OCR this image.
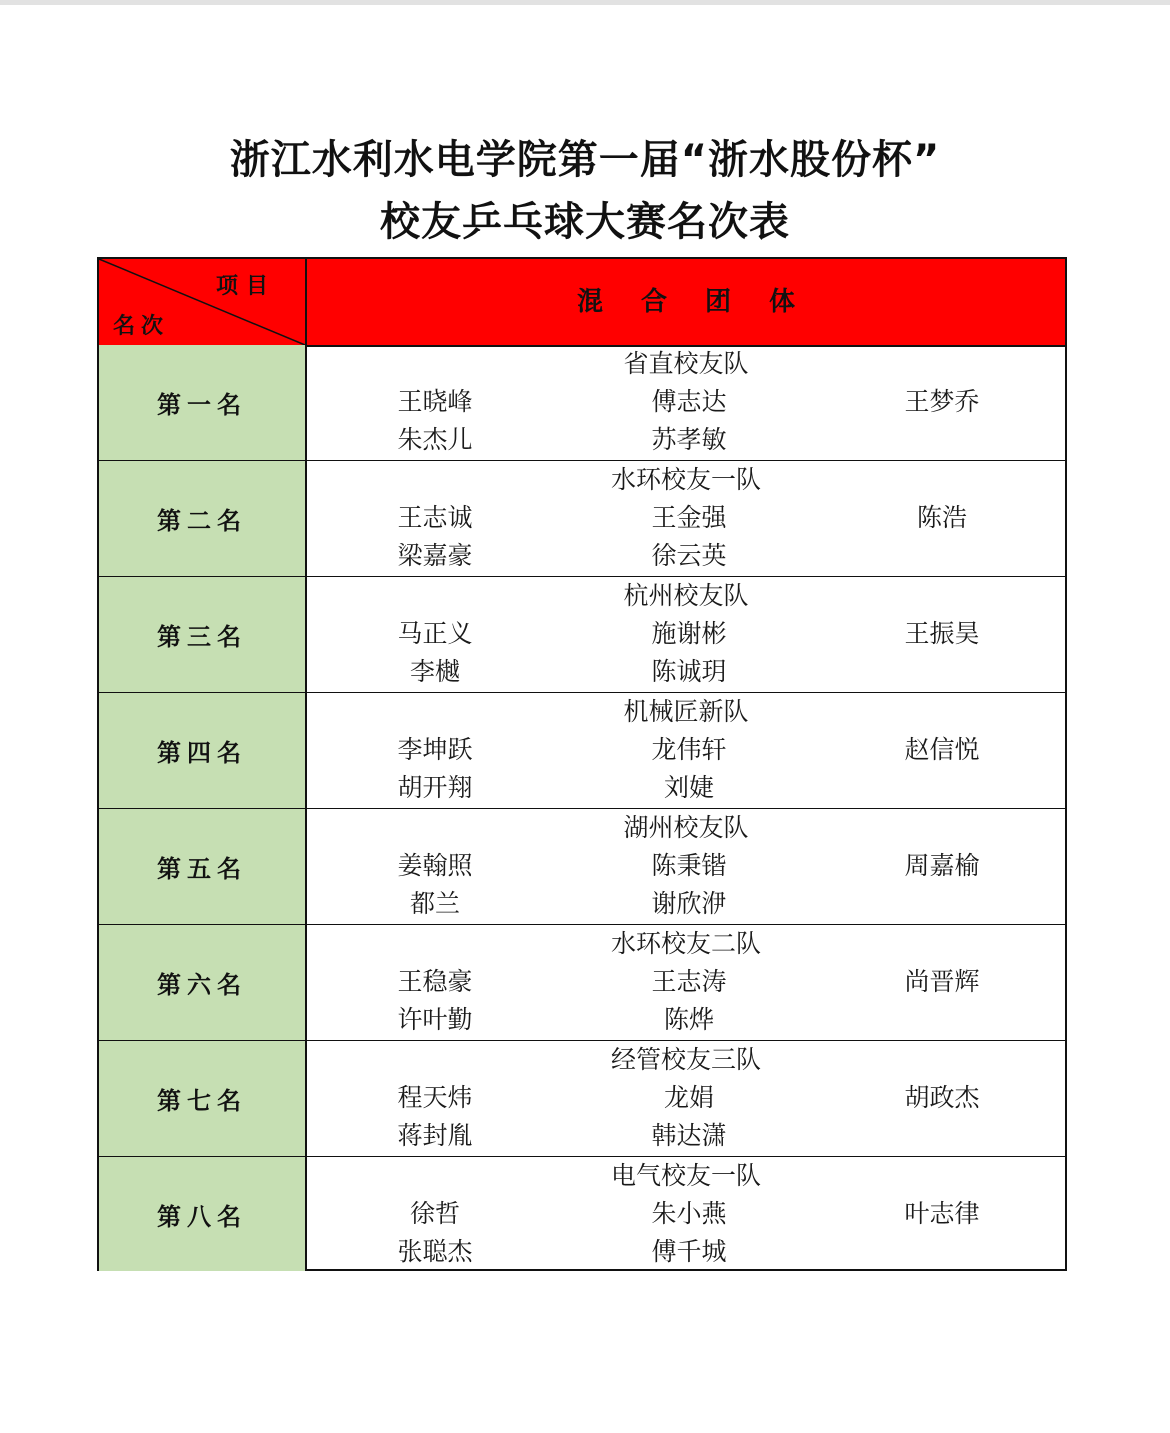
浙江水利水电学院第一届“浙水股份杯”
校友乒乓球大赛名次表
项目
名次
混合团体
第一名
省直校友队
王晓峰	傅志达	王梦乔
朱杰儿	苏孝敏
第二名
水环校友一队
王志诚	王金强	陈浩
梁嘉豪	徐云英
第三名
杭州校友队
马正义	施谢彬	王振昊
李樾	陈诚玥
第四名
机械匠新队
李坤跃	龙伟轩	赵信悦
胡开翔	刘婕
第五名
湖州校友队
姜翰照	陈秉锴	周嘉榆
都兰	谢欣洢
第六名
水环校友二队
王稳豪	王志涛	尚晋辉
许叶勤	陈烨
第七名
经管校友三队
程天炜	龙娟	胡政杰
蒋封胤	韩达潇
第八名
电气校友一队
徐哲	朱小燕	叶志律
张聪杰	傅千城
